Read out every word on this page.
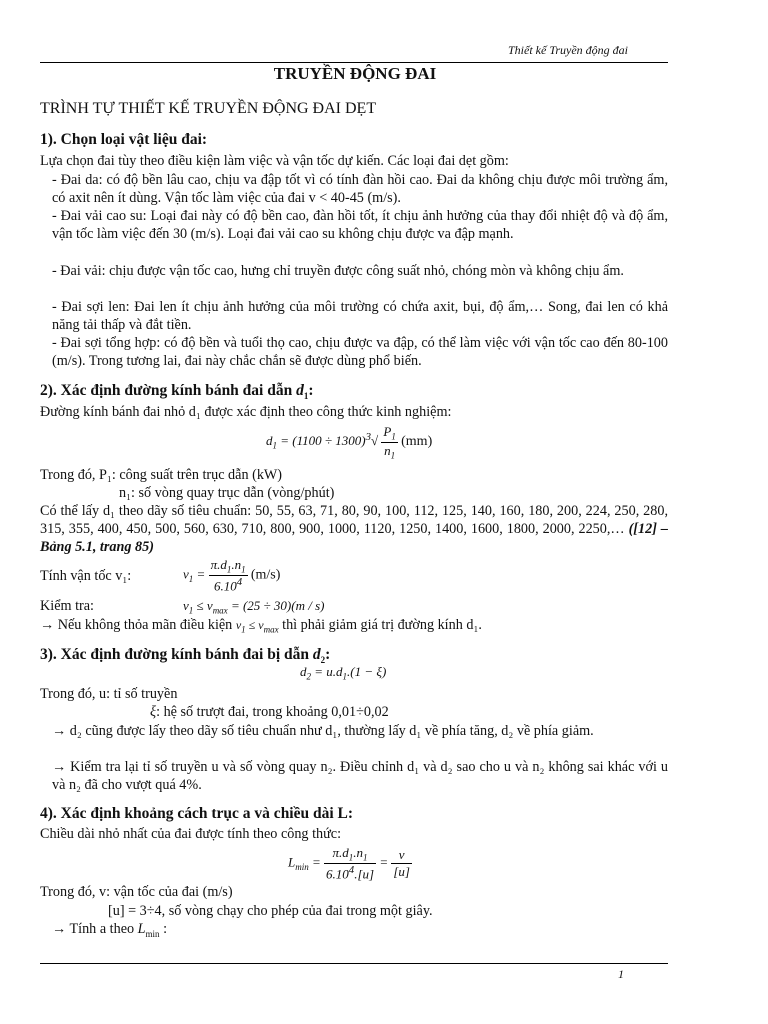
Thiết kế Truyền động đai
TRUYỀN ĐỘNG ĐAI
TRÌNH TỰ THIẾT KẾ TRUYỀN ĐỘNG ĐAI DẸT
1). Chọn loại vật liệu đai:
Lựa chọn đai tùy theo điều kiện làm việc và vận tốc dự kiến. Các loại đai dẹt gồm:
- Đai da: có độ bền lâu cao, chịu va đập tốt vì có tính đàn hồi cao. Đai da không chịu được môi trường ẩm, có axit nên ít dùng. Vận tốc làm việc của đai v < 40-45 (m/s).
- Đai vải cao su: Loại đai này có độ bền cao, đàn hồi tốt, ít chịu ảnh hưởng của thay đổi nhiệt độ và độ ẩm, vận tốc làm việc đến 30 (m/s). Loại đai vải cao su không chịu được va đập mạnh.
- Đai vải: chịu được vận tốc cao, hưng chỉ truyền được công suất nhỏ, chóng mòn và không chịu ẩm.
- Đai sợi len: Đai len ít chịu ảnh hưởng của môi trường có chứa axit, bụi, độ ẩm,… Song, đai len có khả năng tải thấp và đắt tiền.
- Đai sợi tổng hợp: có độ bền và tuổi thọ cao, chịu được va đập, có thể làm việc với vận tốc cao đến 80-100 (m/s). Trong tương lai, đai này chắc chắn sẽ được dùng phổ biến.
2). Xác định đường kính bánh đai dẫn $d_1$:
Đường kính bánh đai nhỏ d₁ được xác định theo công thức kinh nghiệm:
$d_1 = (1100 \div 1300)^3√ \frac{P_1}{n_1} (mm)$
Trong đó, P₁: công suất trên trục dẫn (kW)
n₁: số vòng quay trục dẫn (vòng/phút)
Có thể lấy d₁ theo dãy số tiêu chuẩn: 50, 55, 63, 71, 80, 90, 100, 112, 125, 140, 160, 180, 200, 224, 250, 280, 315, 355, 400, 450, 500, 560, 630, 710, 800, 900, 1000, 1120, 1250, 1400, 1600, 1800, 2000, 2250,… ([12] – Bảng 5.1, trang 85)
Tính vận tốc v₁:	$v_1 = \frac{\pi.d_1.n_1}{6.10^4} (m/s)$
Kiểm tra:	$v_1 \le v_{max} = (25 \div 30)(m / s)$
→ Nếu không thỏa mãn điều kiện $v_1 \le v_{max}$ thì phải giảm giá trị đường kính d₁.
3). Xác định đường kính bánh đai bị dẫn $d_2$:
$d_2 = u.d_1.(1 - \xi)$
Trong đó, u: tỉ số truyền
ξ: hệ số trượt đai, trong khoảng 0,01÷0,02
→ d₂ cũng được lấy theo dãy số tiêu chuẩn như d₁, thường lấy d₁ về phía tăng, d₂ về phía giảm.
→ Kiểm tra lại tỉ số truyền u và số vòng quay n₂. Điều chỉnh d₁ và d₂ sao cho u và n₂ không sai khác với u và n₂ đã cho vượt quá 4%.
4). Xác định khoảng cách trục a và chiều dài L:
Chiều dài nhỏ nhất của đai được tính theo công thức:
$L_{min} = \frac{\pi.d_1.n_1}{6.10^4.[u]} = \frac{v}{[u]}$
Trong đó, v: vận tốc của đai (m/s)
[u] = 3÷4, số vòng chạy cho phép của đai trong một giây.
→ Tính a theo $L_{min}$ :
1
